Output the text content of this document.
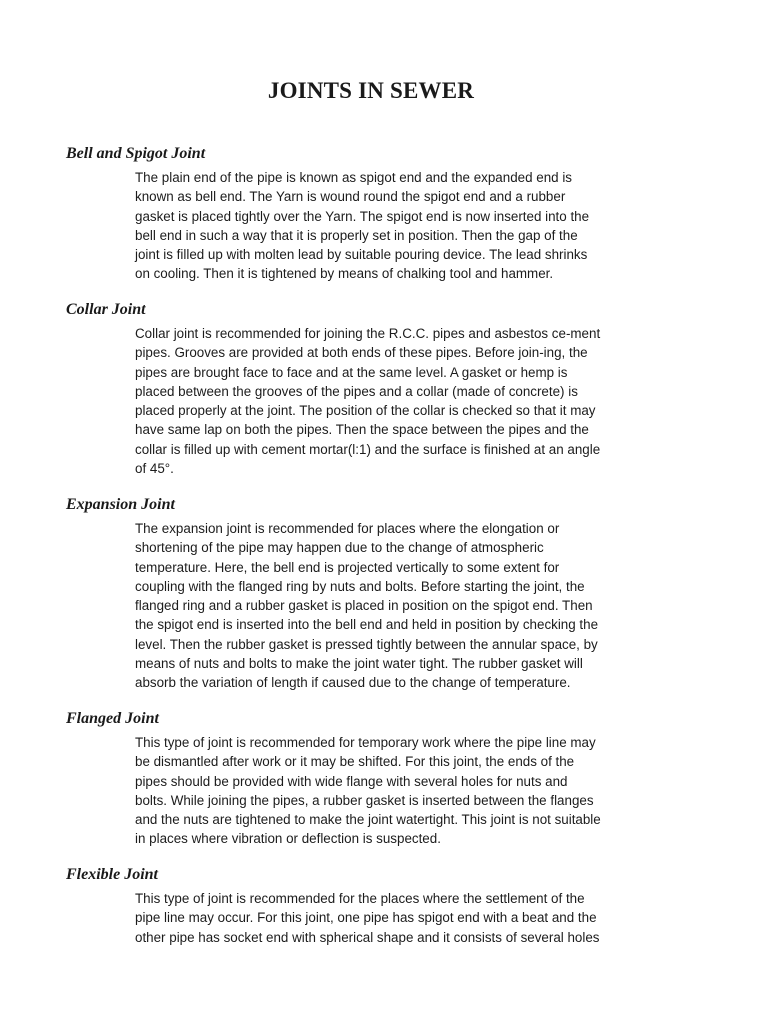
JOINTS IN SEWER
Bell and Spigot Joint
The plain end of the pipe is known as spigot end and the expanded end is
known as bell end. The Yarn is wound round the spigot end and a rubber
gasket is placed tightly over the Yarn. The spigot end is now inserted into the
bell end in such a way that it is properly set in position. Then the gap of the
joint is filled up with molten lead by suitable pouring device. The lead shrinks
on cooling. Then it is tightened by means of chalking tool and hammer.
Collar Joint
Collar joint is recommended for joining the R.C.C. pipes and asbestos ce-ment
pipes. Grooves are provided at both ends of these pipes. Before join-ing, the
pipes are brought face to face and at the same level. A gasket or hemp is
placed between the grooves of the pipes and a collar (made of concrete) is
placed properly at the joint. The position of the collar is checked so that it may
have same lap on both the pipes. Then the space between the pipes and the
collar is filled up with cement mortar(l:1) and the surface is finished at an angle
of 45°.
Expansion Joint
The expansion joint is recommended for places where the elongation or
shortening of the pipe may happen due to the change of atmospheric
temperature. Here, the bell end is projected vertically to some extent for
coupling with the flanged ring by nuts and bolts. Before starting the joint, the
flanged ring and a rubber gasket is placed in position on the spigot end. Then
the spigot end is inserted into the bell end and held in position by checking the
level. Then the rubber gasket is pressed tightly between the annular space, by
means of nuts and bolts to make the joint water tight. The rubber gasket will
absorb the variation of length if caused due to the change of temperature.
Flanged Joint
This type of joint is recommended for temporary work where the pipe line may
be dismantled after work or it may be shifted. For this joint, the ends of the
pipes should be provided with wide flange with several holes for nuts and
bolts. While joining the pipes, a rubber gasket is inserted between the flanges
and the nuts are tightened to make the joint watertight. This joint is not suitable
in places where vibration or deflection is suspected.
Flexible Joint
This type of joint is recommended for the places where the settlement of the
pipe line may occur. For this joint, one pipe has spigot end with a beat and the
other pipe has socket end with spherical shape and it consists of several holes
